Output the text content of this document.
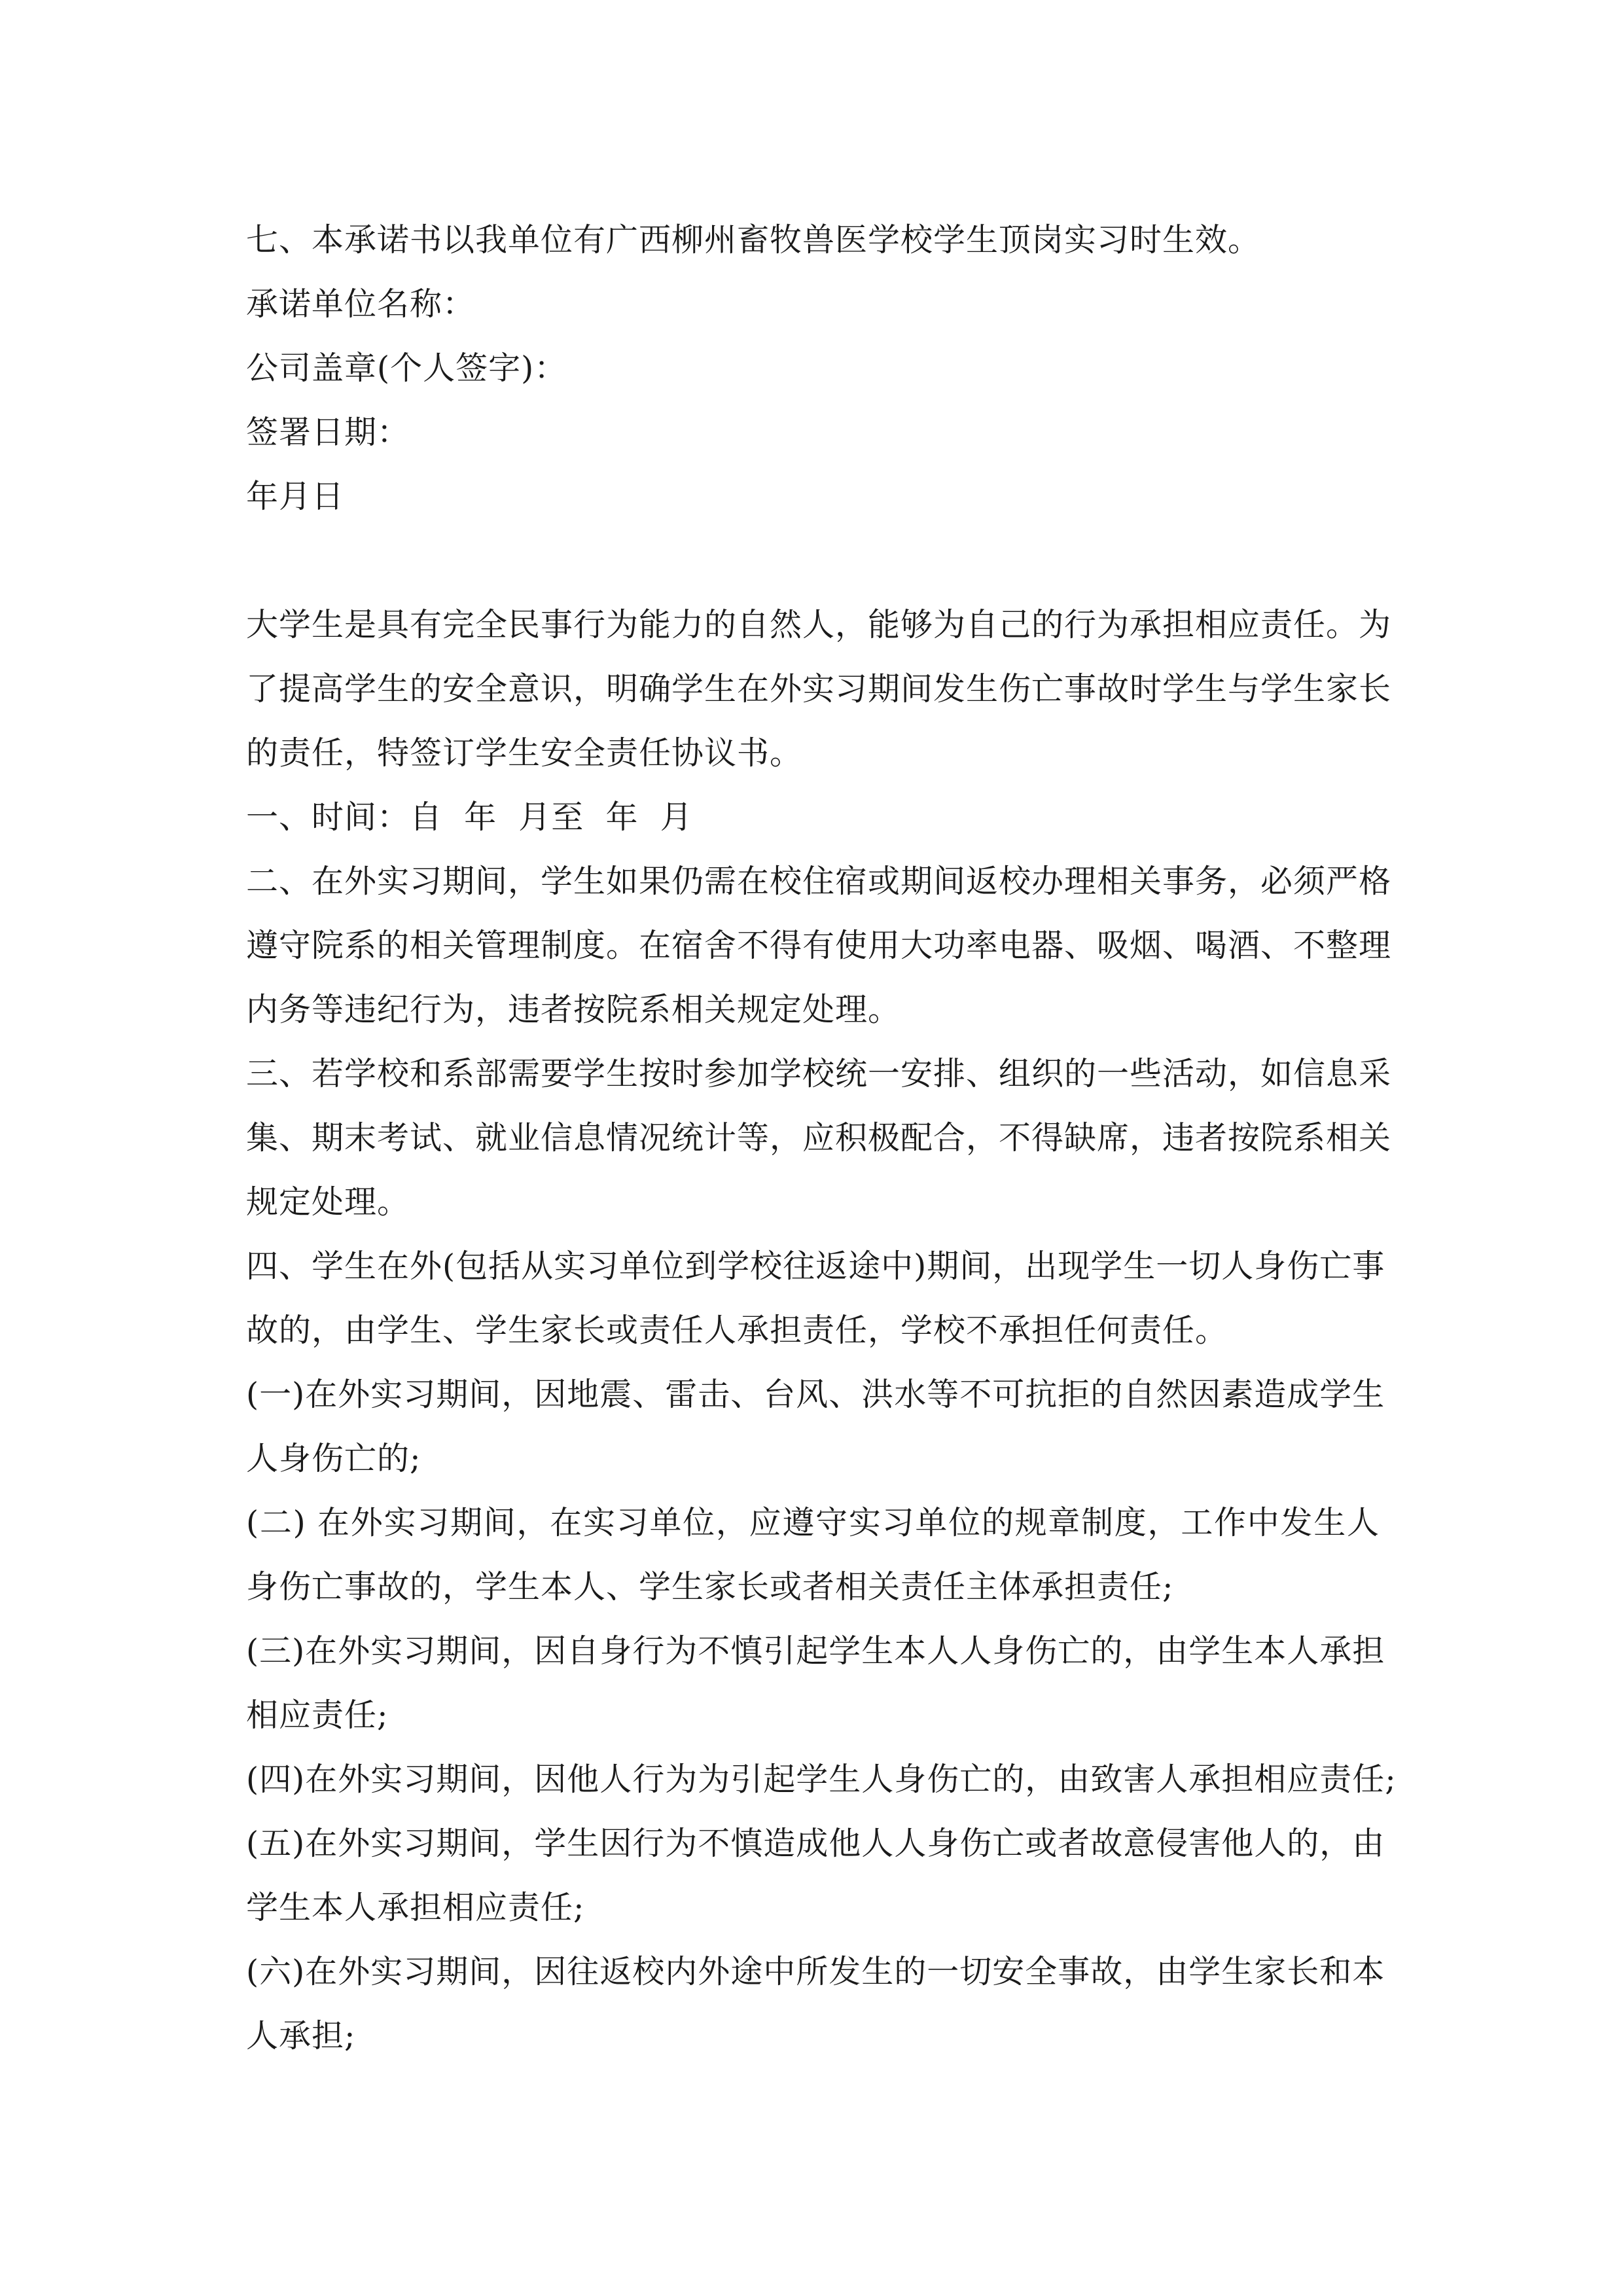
七、本承诺书以我单位有广西柳州畜牧兽医学校学生顶岗实习时生效。
承诺单位名称：
公司盖章(个人签字)：
签署日期：
年月日
大学生是具有完全民事行为能力的自然人，能够为自己的行为承担相应责任。为
了提高学生的安全意识，明确学生在外实习期间发生伤亡事故时学生与学生家长
的责任，特签订学生安全责任协议书。
一、时间：自  年  月至  年  月
二、在外实习期间，学生如果仍需在校住宿或期间返校办理相关事务，必须严格
遵守院系的相关管理制度。在宿舍不得有使用大功率电器、吸烟、喝酒、不整理
内务等违纪行为，违者按院系相关规定处理。
三、若学校和系部需要学生按时参加学校统一安排、组织的一些活动，如信息采
集、期末考试、就业信息情况统计等，应积极配合，不得缺席，违者按院系相关
规定处理。
四、学生在外(包括从实习单位到学校往返途中)期间，出现学生一切人身伤亡事
故的，由学生、学生家长或责任人承担责任，学校不承担任何责任。
(一)在外实习期间，因地震、雷击、台风、洪水等不可抗拒的自然因素造成学生
人身伤亡的;
(二) 在外实习期间，在实习单位，应遵守实习单位的规章制度，工作中发生人
身伤亡事故的，学生本人、学生家长或者相关责任主体承担责任;
(三)在外实习期间，因自身行为不慎引起学生本人人身伤亡的，由学生本人承担
相应责任;
(四)在外实习期间，因他人行为为引起学生人身伤亡的，由致害人承担相应责任;
(五)在外实习期间，学生因行为不慎造成他人人身伤亡或者故意侵害他人的，由
学生本人承担相应责任;
(六)在外实习期间，因往返校内外途中所发生的一切安全事故，由学生家长和本
人承担;
